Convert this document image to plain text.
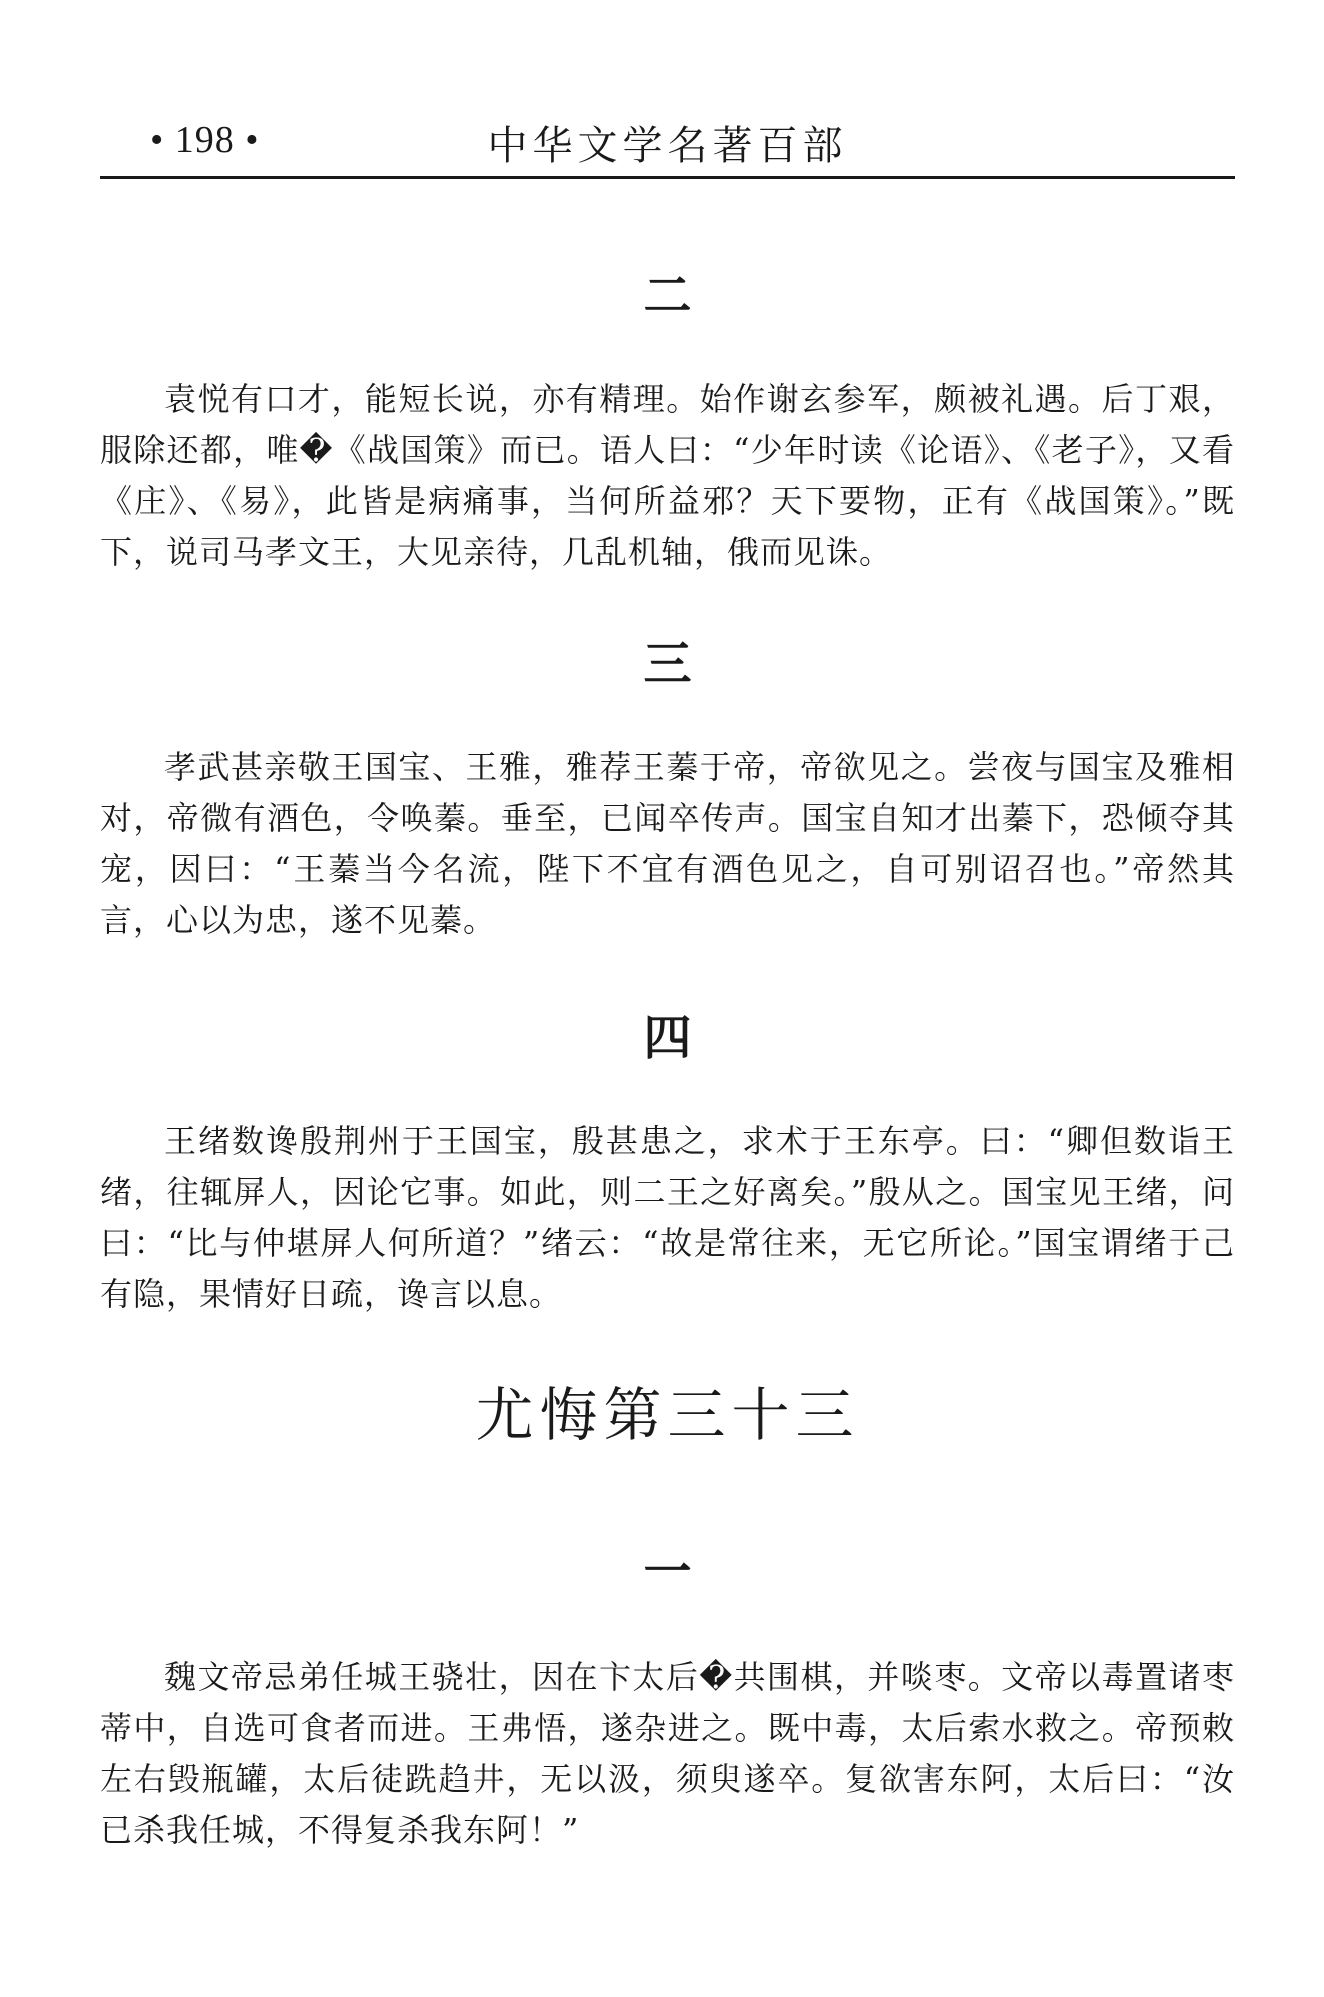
• 198 •	中华文学名著百部
二

袁悦有口才，能短长说，亦有精理。始作谢玄参军，颇被礼遇。后丁艰，服除还都，唯�《战国策》而已。语人曰：“少年时读《论语》、《老子》，又看《庄》、《易》，此皆是病痛事，当何所益邪？天下要物，正有《战国策》。”既下，说司马孝文王，大见亲待，几乱机轴，俄而见诛。

三

孝武甚亲敬王国宝、王雅，雅荐王蓁于帝，帝欲见之。尝夜与国宝及雅相对，帝微有酒色，令唤蓁。垂至，已闻卒传声。国宝自知才出蓁下，恐倾夺其宠，因曰：“王蓁当今名流，陛下不宜有酒色见之，自可别诏召也。”帝然其言，心以为忠，遂不见蓁。

四

王绪数谗殷荆州于王国宝，殷甚患之，求术于王东亭。曰：“卿但数诣王绪，往辄屏人，因论它事。如此，则二王之好离矣。”殷从之。国宝见王绪，问曰：“比与仲堪屏人何所道？”绪云：“故是常往来，无它所论。”国宝谓绪于己有隐，果情好日疏，谗言以息。

尤悔第三十三
一

魏文帝忌弟任城王骁壮，因在卞太后�共围棋，并啖枣。文帝以毒置诸枣蒂中，自选可食者而进。王弗悟，遂杂进之。既中毒，太后索水救之。帝预敕左右毁瓶罐，太后徒跣趋井，无以汲，须臾遂卒。复欲害东阿，太后曰：“汝已杀我任城，不得复杀我东阿！”
